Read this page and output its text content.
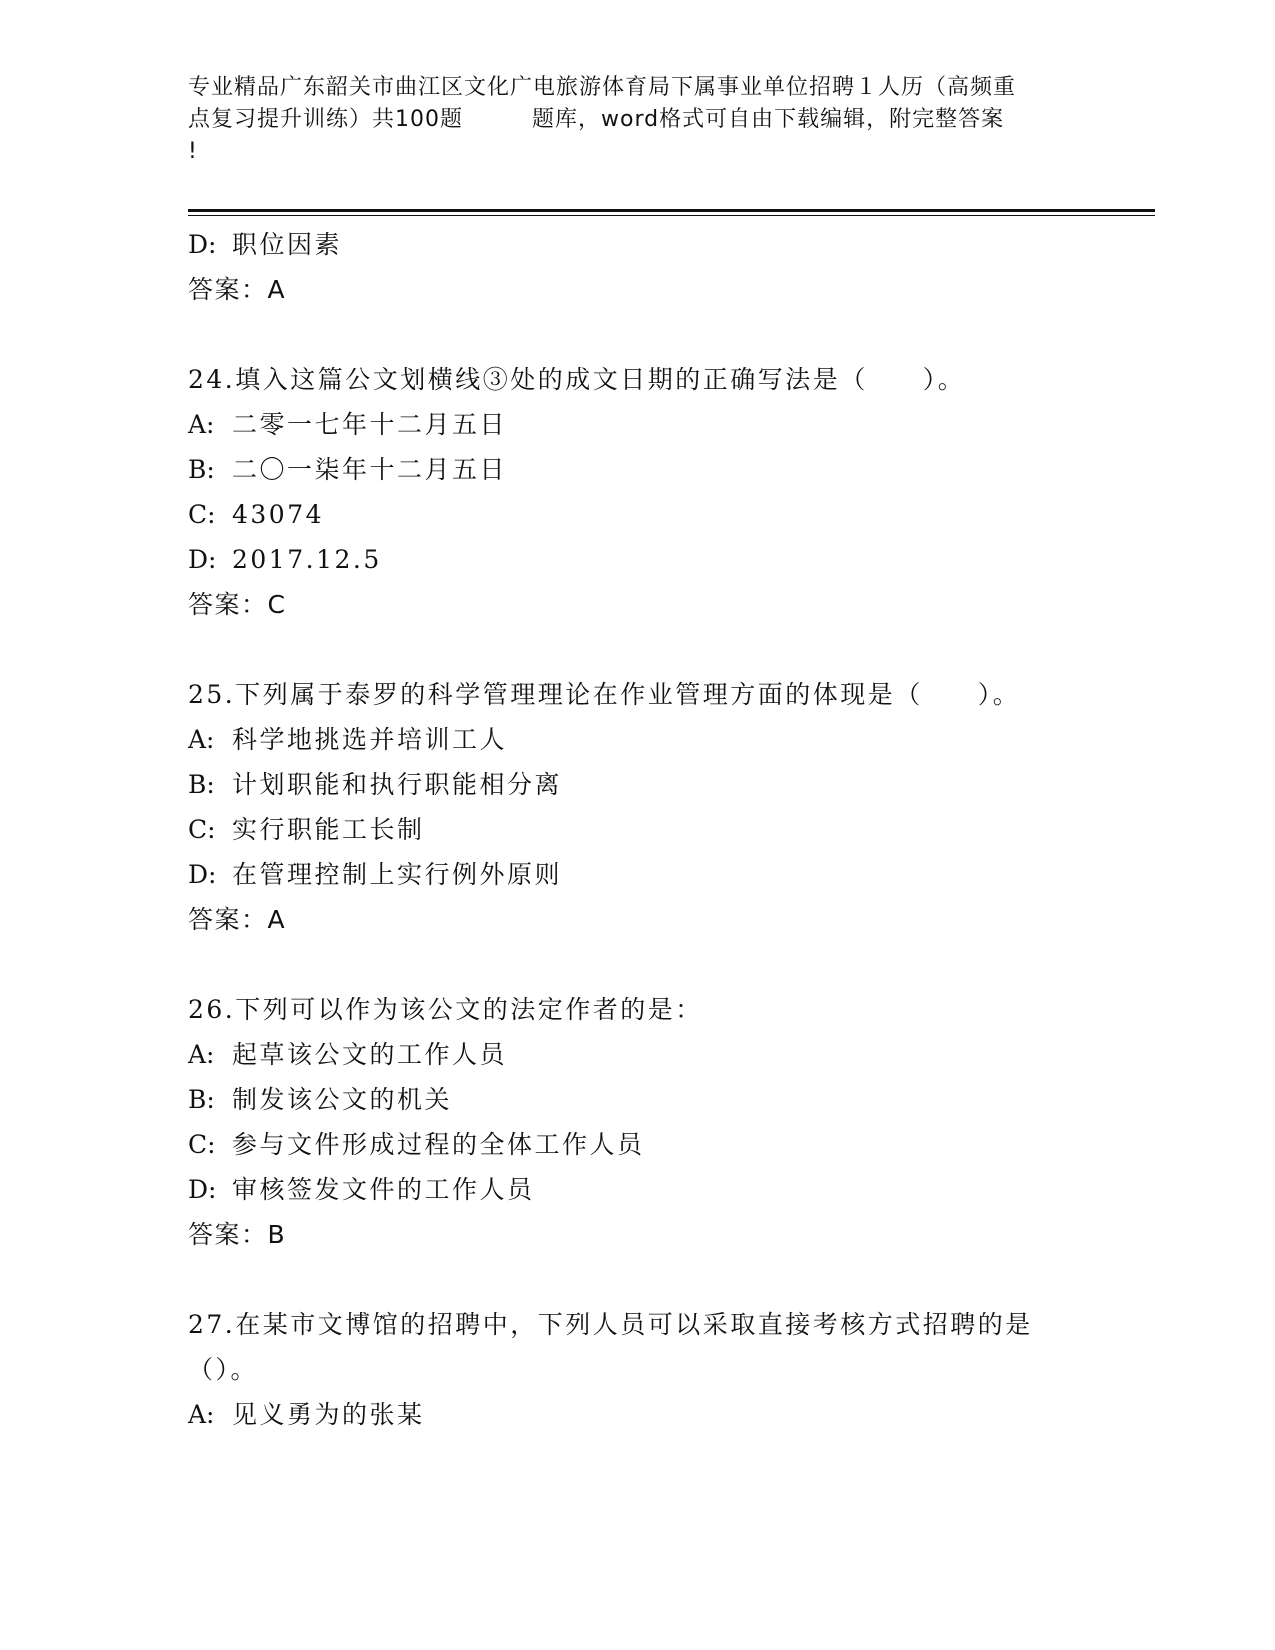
专业精品广东韶关市曲江区文化广电旅游体育局下属事业单位招聘１人历（高频重
点复习提升训练）共100题　　　题库，word格式可自由下载编辑，附完整答案
!
D: 职位因素
答案：A
24.填入这篇公文划横线③处的成文日期的正确写法是（　　）。
A: 二零一七年十二月五日
B: 二〇一柒年十二月五日
C: 43074
D: 2017.12.5
答案：C
25.下列属于泰罗的科学管理理论在作业管理方面的体现是（　　）。
A: 科学地挑选并培训工人
B: 计划职能和执行职能相分离
C: 实行职能工长制
D: 在管理控制上实行例外原则
答案：A
26.下列可以作为该公文的法定作者的是：
A: 起草该公文的工作人员
B: 制发该公文的机关
C: 参与文件形成过程的全体工作人员
D: 审核签发文件的工作人员
答案：B
27.在某市文博馆的招聘中，下列人员可以采取直接考核方式招聘的是
（）。
A: 见义勇为的张某
